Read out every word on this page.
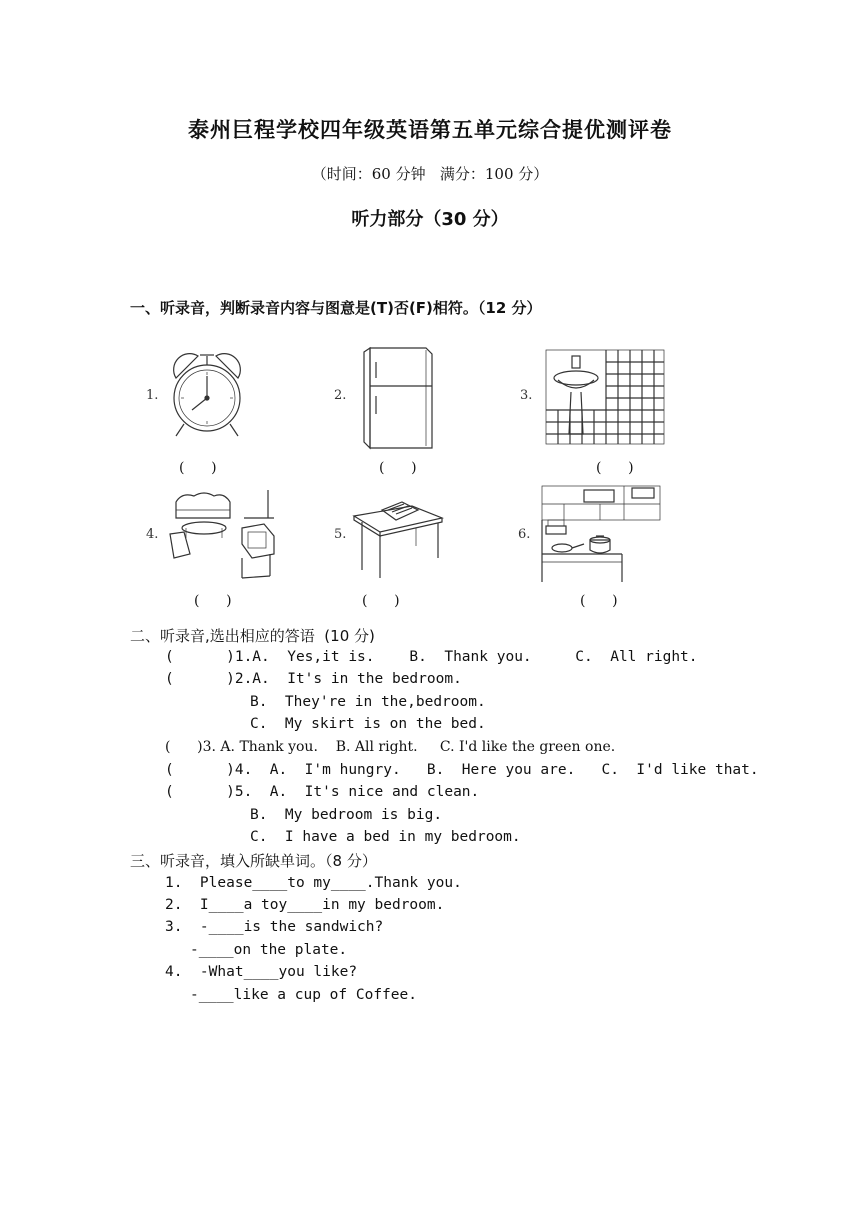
泰州巨程学校四年级英语第五单元综合提优测评卷
（时间：60 分钟   满分：100 分）
听力部分（30 分）
一、听录音，判断录音内容与图意是(T)否(F)相符。（12 分）
1.
(      )
2.
(      )
3.
(      )
4.
(      )
5.
(      )
6.
(      )
二、听录音,选出相应的答语  (10 分)
(      )1.A.  Yes,it is.    B.  Thank you.     C.  All right.
(      )2.A.  It's in the bedroom.
B.  They're in the,bedroom.
C.  My skirt is on the bed.
(      )3. A. Thank you.    B. All right.     C. I'd like the green one.
(      )4.  A.  I'm hungry.   B.  Here you are.   C.  I'd like that.
(      )5.  A.  It's nice and clean.
B.  My bedroom is big.
C.  I have a bed in my bedroom.
三、听录音，填入所缺单词。（8 分）
1.  Please____to my____.Thank you.
2.  I____a toy____in my bedroom.
3.  -____is the sandwich?
-____on the plate.
4.  -What____you like?
-____like a cup of Coffee.
